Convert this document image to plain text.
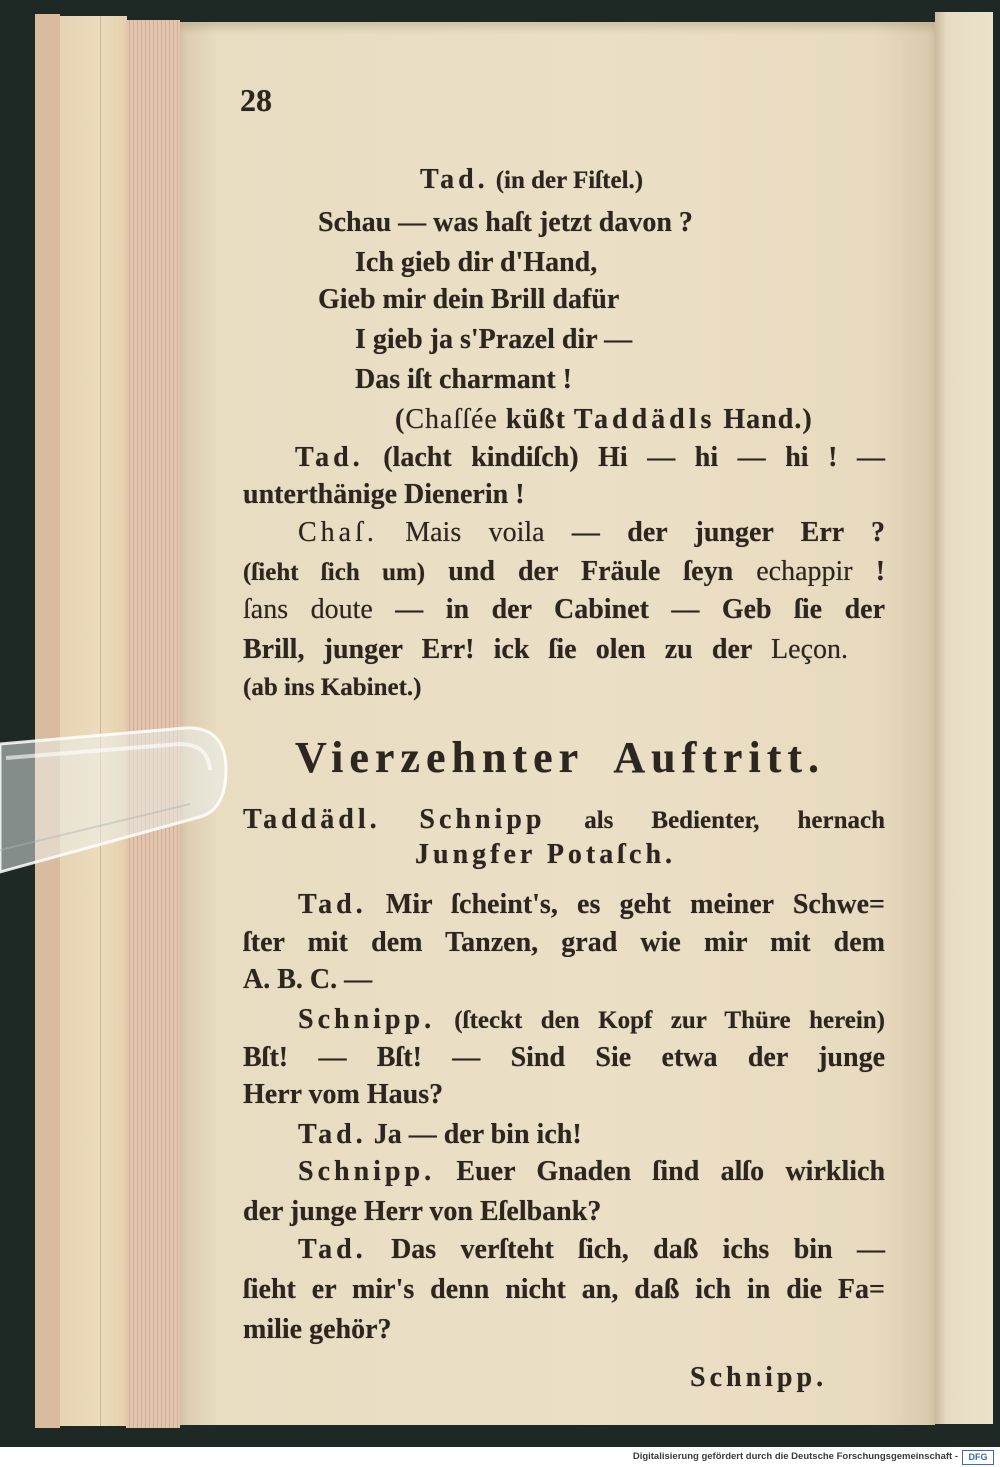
28
Tad. (in der Fiſtel.)
Schau — was haſt jetzt davon ?
Ich gieb dir d'Hand,
Gieb mir dein Brill dafür
I gieb ja s'Prazel dir —
Das iſt charmant !
(Chaſſée küßt Taddädls Hand.)
Tad. (lacht kindiſch) Hi — hi — hi ! —
unterthänige Dienerin !
Chaſ. Mais voila — der junger Err ?
(ſieht ſich um) und der Fräule ſeyn echappir !
ſans doute — in der Cabinet — Geb ſie der
Brill, junger Err! ick ſie olen zu der Leçon.
(ab ins Kabinet.)
Vierzehnter Auftritt.
Taddädl. Schnipp als Bedienter, hernach
Jungfer Potaſch.
Tad. Mir ſcheint's, es geht meiner Schwe=
ſter mit dem Tanzen, grad wie mir mit dem
A. B. C. —
Schnipp. (ſteckt den Kopf zur Thüre herein)
Bſt! — Bſt! — Sind Sie etwa der junge
Herr vom Haus?
Tad. Ja — der bin ich!
Schnipp. Euer Gnaden ſind alſo wirklich
der junge Herr von Eſelbank?
Tad. Das verſteht ſich, daß ichs bin —
ſieht er mir's denn nicht an, daß ich in die Fa=
milie gehör?
Schnipp.
Digitalisierung gefördert durch die Deutsche Forschungsgemeinschaft -	DFG
